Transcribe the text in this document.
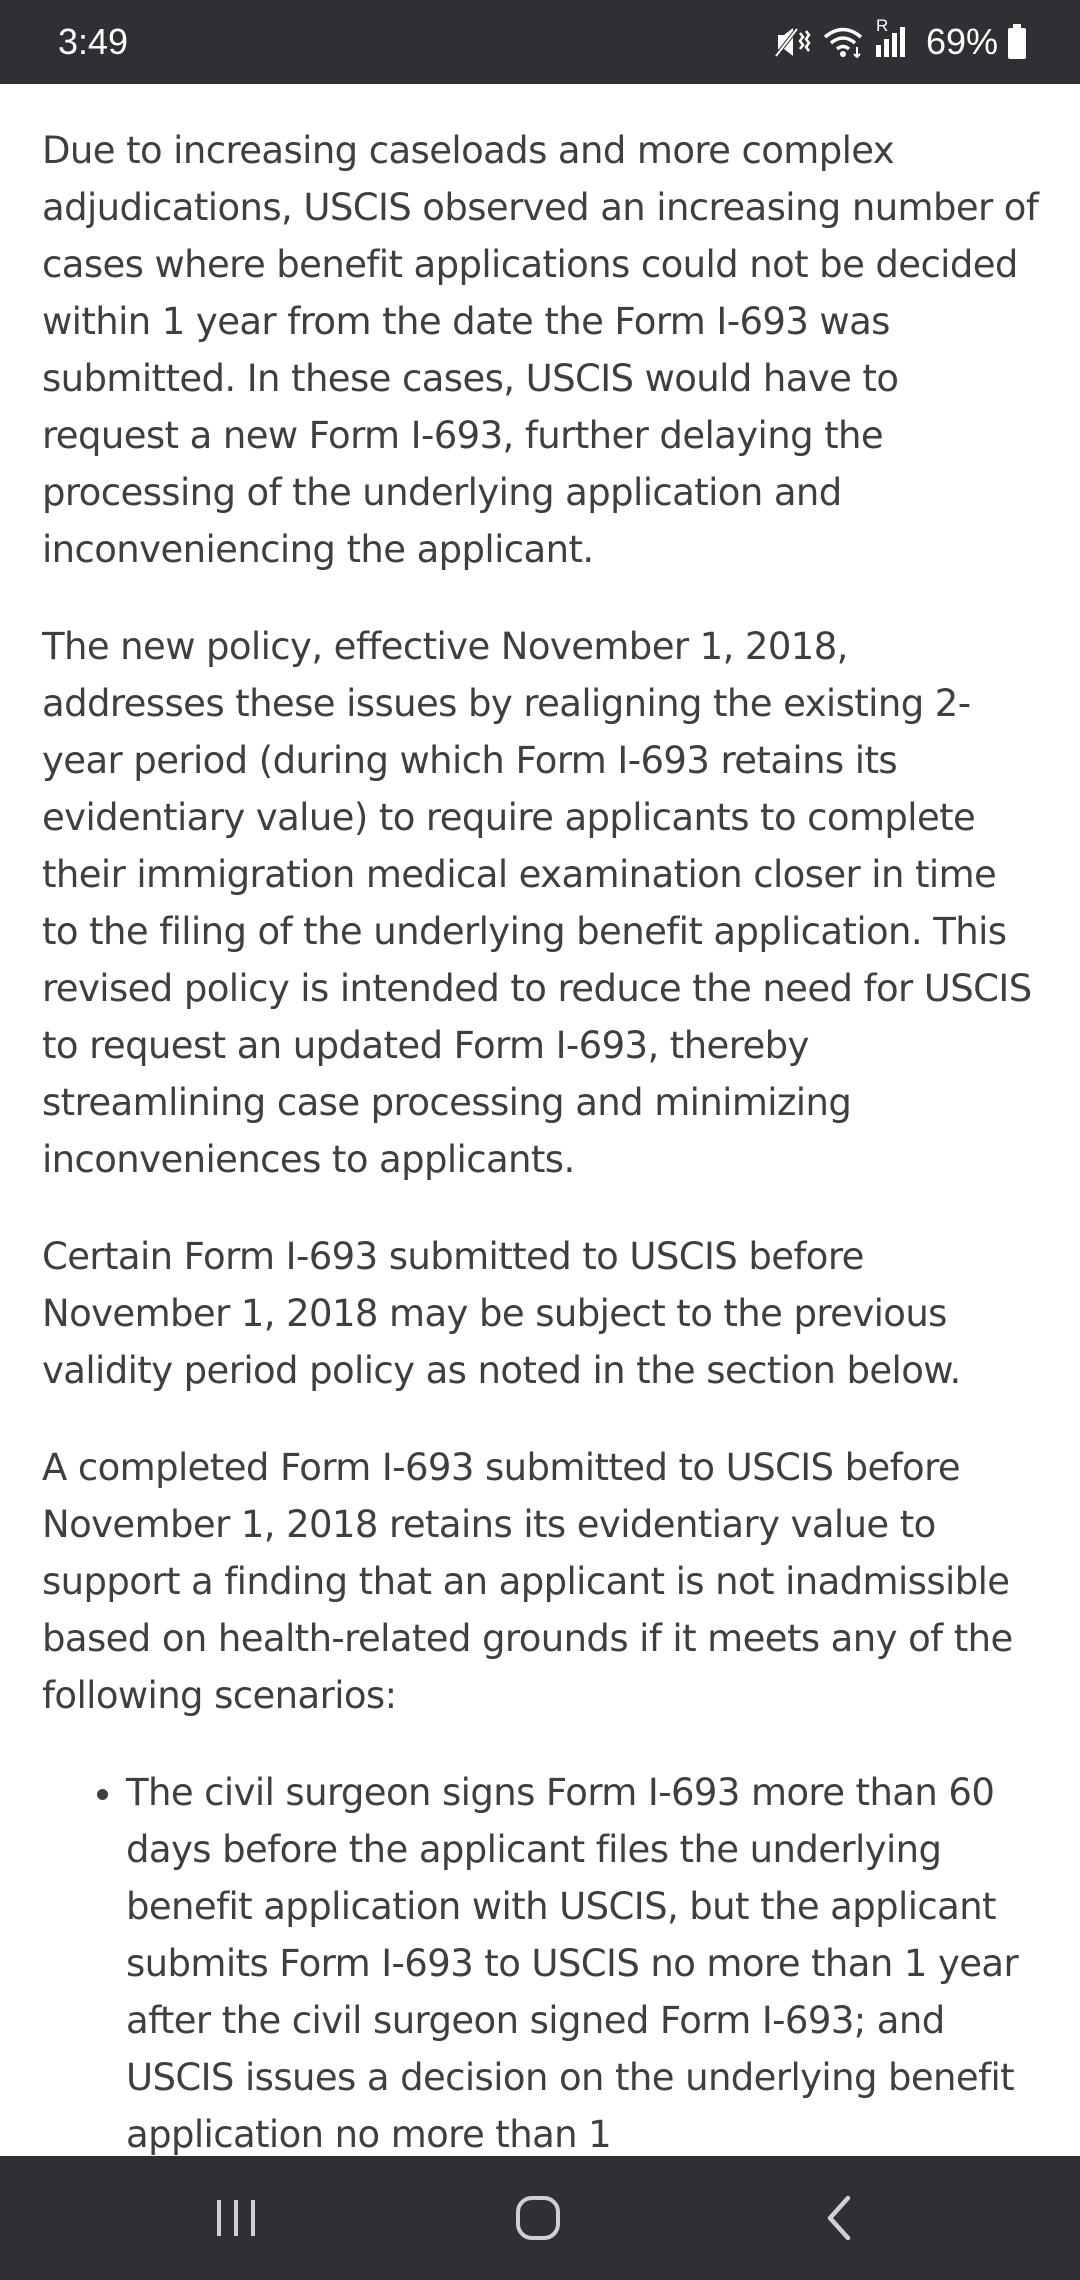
3:49	R 69%

Due to increasing caseloads and more complex adjudications, USCIS observed an increasing number of cases where benefit applications could not be decided within 1 year from the date the Form I-693 was submitted. In these cases, USCIS would have to request a new Form I-693, further delaying the processing of the underlying application and inconveniencing the applicant.

The new policy, effective November 1, 2018, addresses these issues by realigning the existing 2-year period (during which Form I-693 retains its evidentiary value) to require applicants to complete their immigration medical examination closer in time to the filing of the underlying benefit application. This revised policy is intended to reduce the need for USCIS to request an updated Form I-693, thereby streamlining case processing and minimizing inconveniences to applicants.

Certain Form I-693 submitted to USCIS before November 1, 2018 may be subject to the previous validity period policy as noted in the section below.

A completed Form I-693 submitted to USCIS before November 1, 2018 retains its evidentiary value to support a finding that an applicant is not inadmissible based on health-related grounds if it meets any of the following scenarios:

• The civil surgeon signs Form I-693 more than 60 days before the applicant files the underlying benefit application with USCIS, but the applicant submits Form I-693 to USCIS no more than 1 year after the civil surgeon signed Form I-693; and USCIS issues a decision on the underlying benefit application no more than 1
